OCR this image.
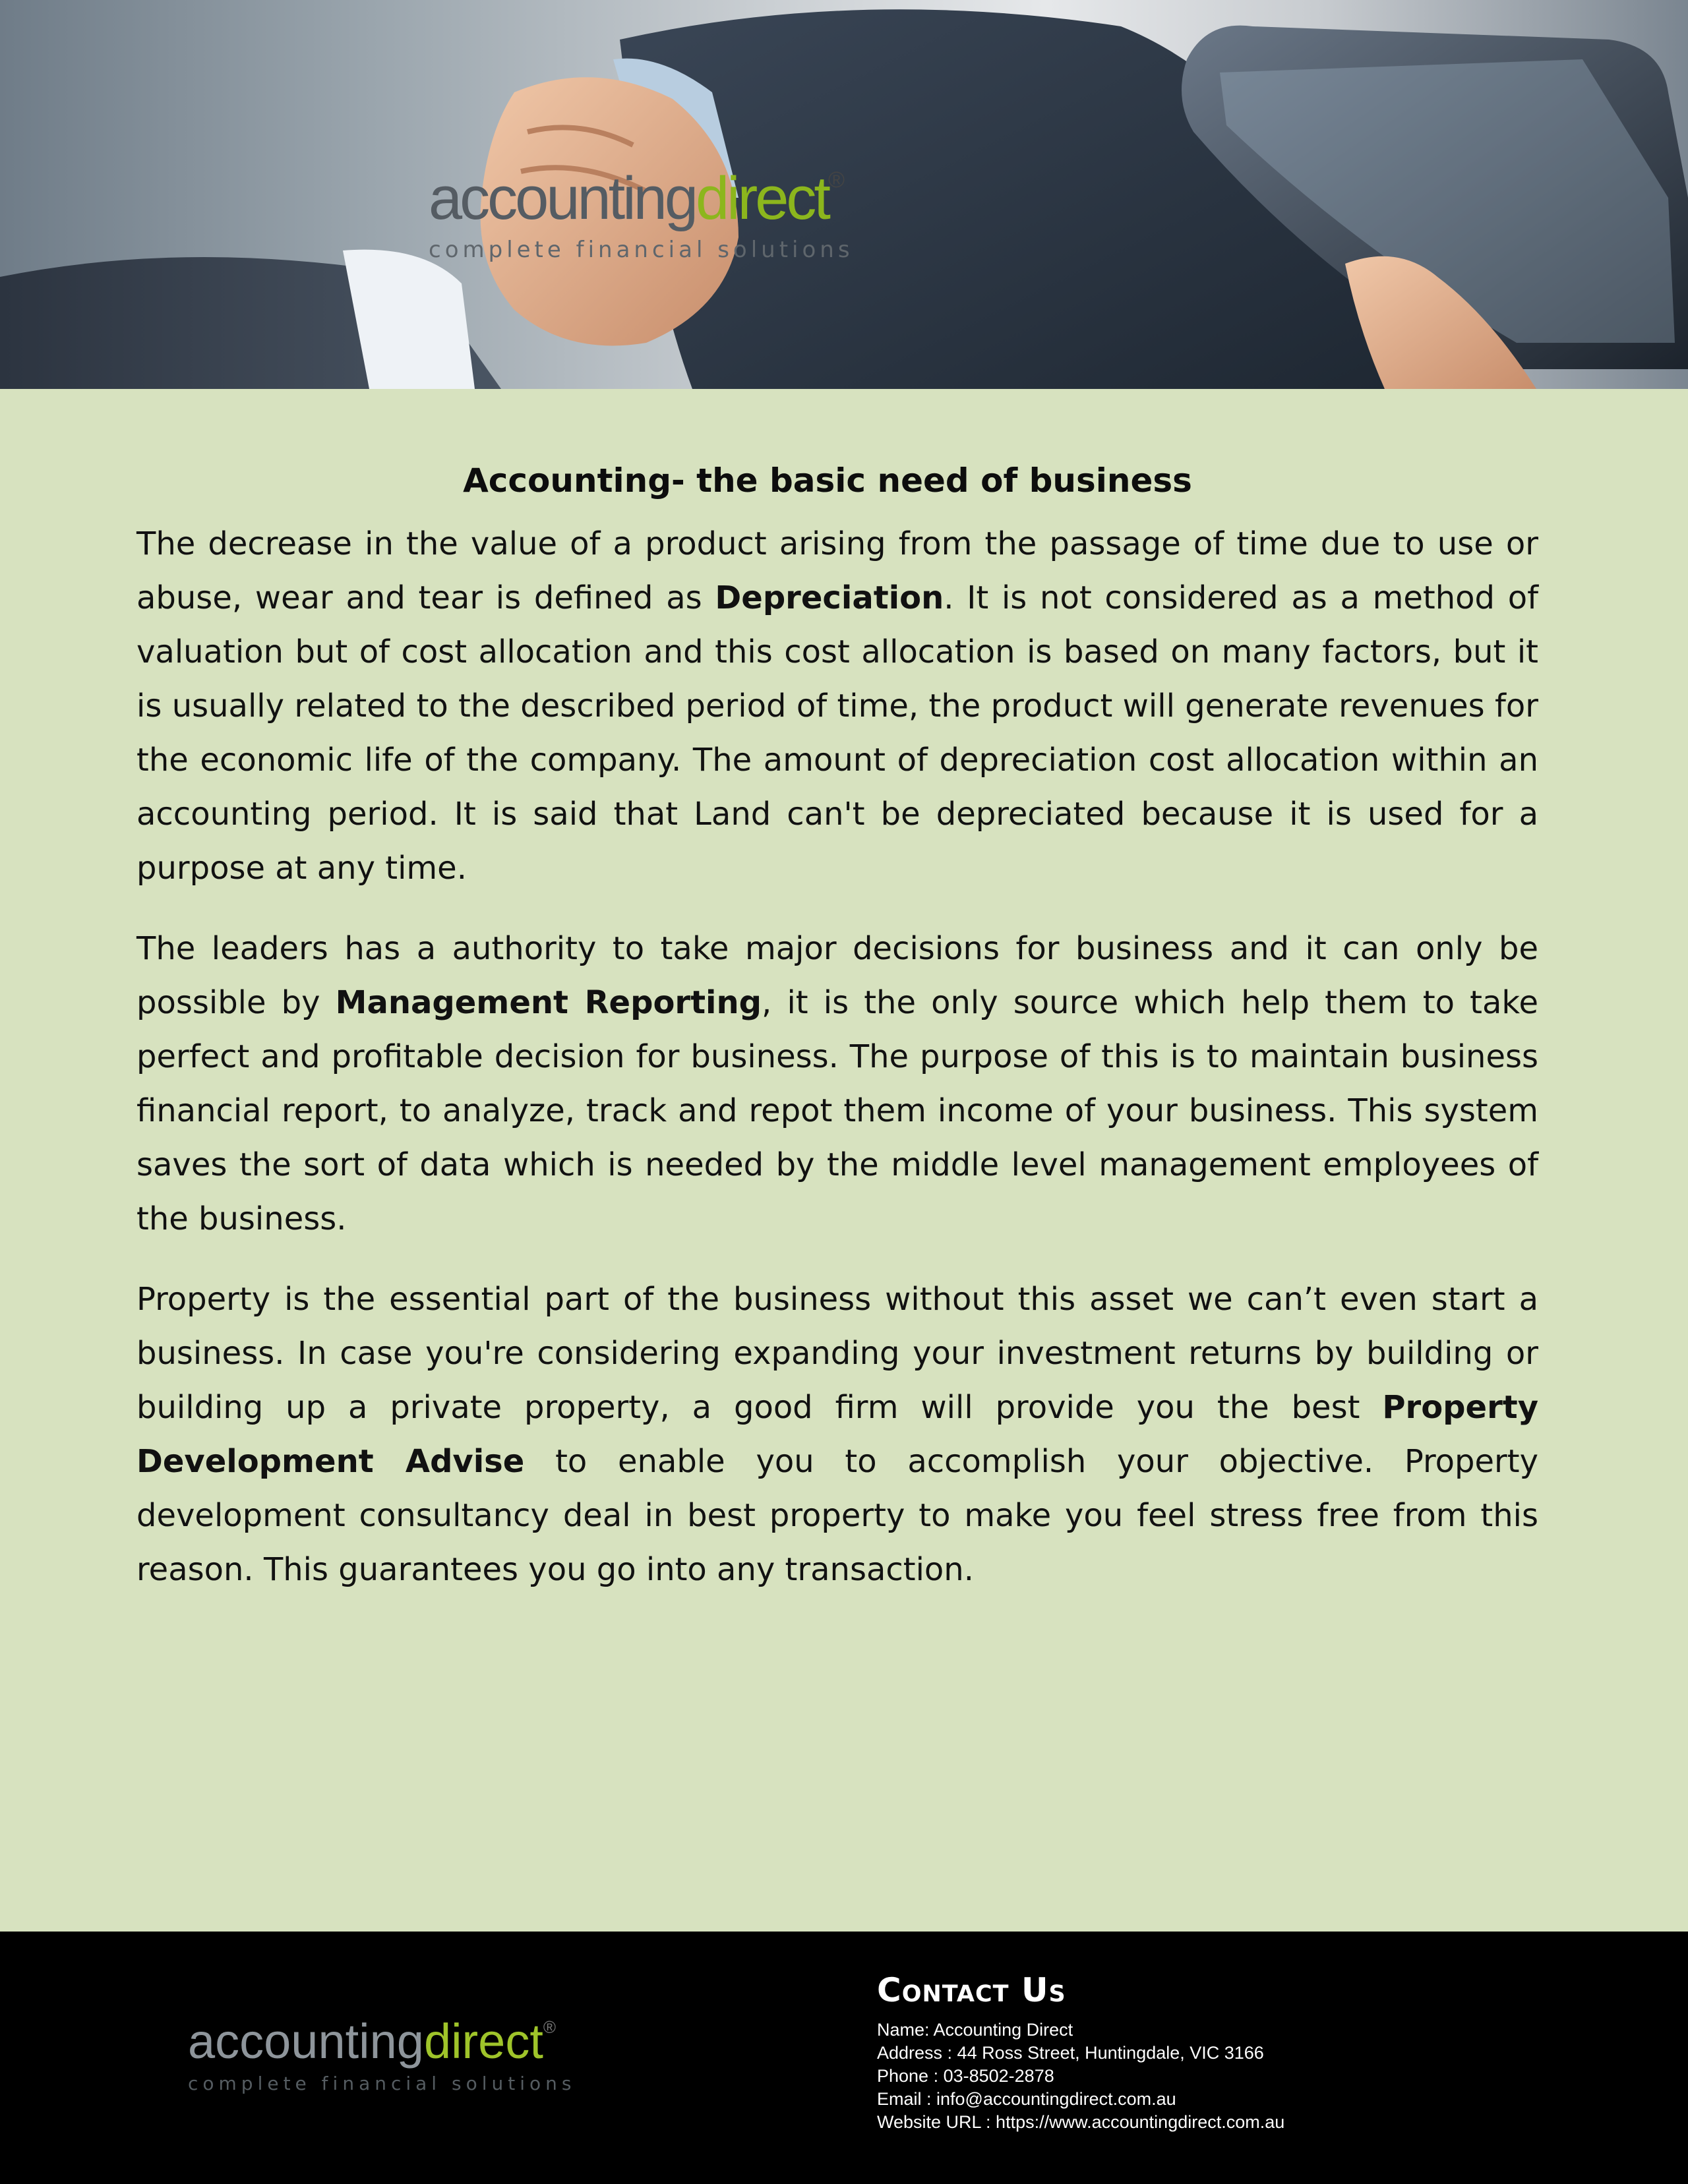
accountingdirect®
complete financial solutions
Accounting- the basic need of business

The decrease in the value of a product arising from the passage of time due to use or abuse, wear and tear is defined as Depreciation. It is not considered as a method of valuation but of cost allocation and this cost allocation is based on many factors, but it is usually related to the described period of time, the product will generate revenues for the economic life of the company. The amount of depreciation cost allocation within an accounting period. It is said that Land can't be depreciated because it is used for a purpose at any time.

The leaders has a authority to take major decisions for business and it can only be possible by Management Reporting, it is the only source which help them to take perfect and profitable decision for business. The purpose of this is to maintain business financial report, to analyze, track and repot them income of your business. This system saves the sort of data which is needed by the middle level management employees of the business.

Property is the essential part of the business without this asset we can’t even start a business. In case you're considering expanding your investment returns by building or building up a private property, a good firm will provide you the best Property Development Advise to enable you to accomplish your objective. Property development consultancy deal in best property to make you feel stress free from this reason. This guarantees you go into any transaction.

accountingdirect®
complete financial solutions
Contact Us
Name: Accounting Direct
Address : 44 Ross Street, Huntingdale, VIC 3166
Phone : 03-8502-2878
Email : info@accountingdirect.com.au
Website URL : https://www.accountingdirect.com.au
